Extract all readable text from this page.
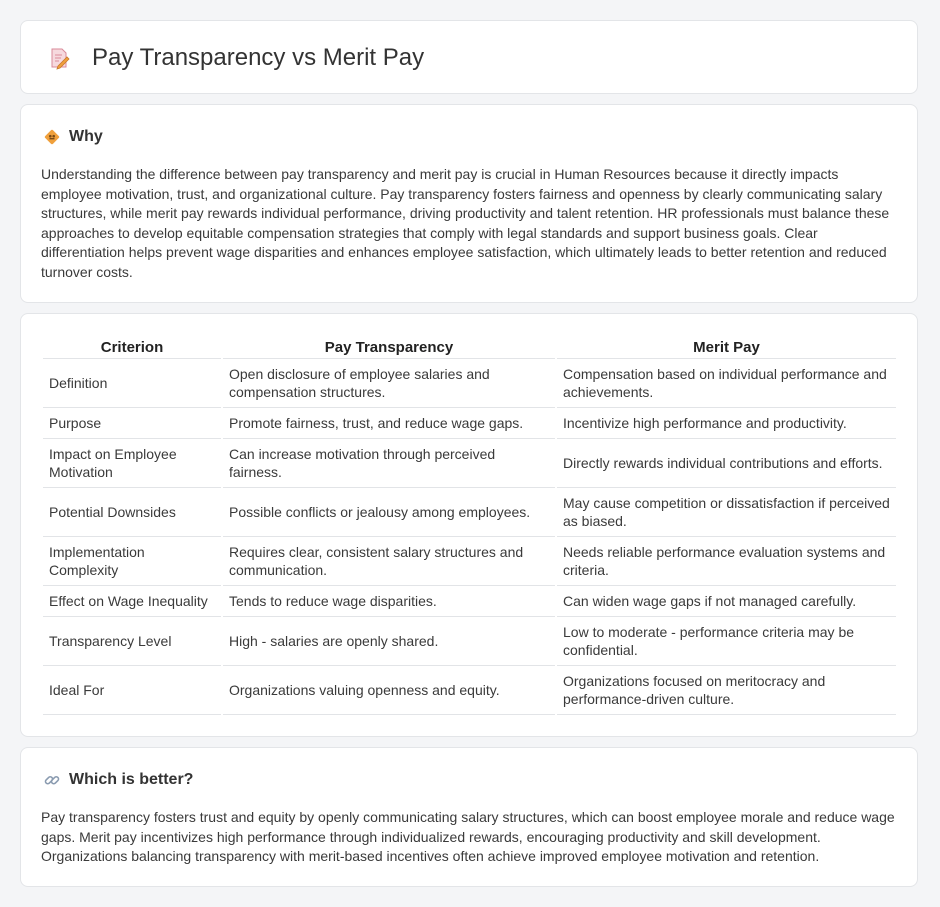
Pay Transparency vs Merit Pay
Why

Understanding the difference between pay transparency and merit pay is crucial in Human Resources because it directly impacts employee motivation, trust, and organizational culture. Pay transparency fosters fairness and openness by clearly communicating salary structures, while merit pay rewards individual performance, driving productivity and talent retention. HR professionals must balance these approaches to develop equitable compensation strategies that comply with legal standards and support business goals. Clear differentiation helps prevent wage disparities and enhances employee satisfaction, which ultimately leads to better retention and reduced turnover costs.

Criterion	Pay Transparency	Merit Pay
Definition	Open disclosure of employee salaries and compensation structures.	Compensation based on individual performance and achievements.
Purpose	Promote fairness, trust, and reduce wage gaps.	Incentivize high performance and productivity.
Impact on Employee Motivation	Can increase motivation through perceived fairness.	Directly rewards individual contributions and efforts.
Potential Downsides	Possible conflicts or jealousy among employees.	May cause competition or dissatisfaction if perceived as biased.
Implementation Complexity	Requires clear, consistent salary structures and communication.	Needs reliable performance evaluation systems and criteria.
Effect on Wage Inequality	Tends to reduce wage disparities.	Can widen wage gaps if not managed carefully.
Transparency Level	High - salaries are openly shared.	Low to moderate - performance criteria may be confidential.
Ideal For	Organizations valuing openness and equity.	Organizations focused on meritocracy and performance-driven culture.
Which is better?

Pay transparency fosters trust and equity by openly communicating salary structures, which can boost employee morale and reduce wage gaps. Merit pay incentivizes high performance through individualized rewards, encouraging productivity and skill development. Organizations balancing transparency with merit-based incentives often achieve improved employee motivation and retention.
